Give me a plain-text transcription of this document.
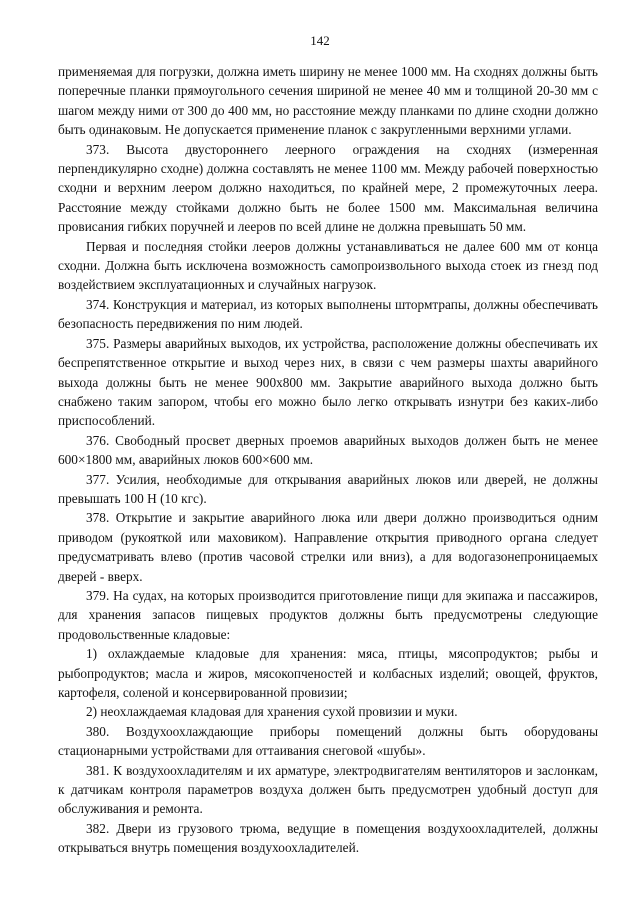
142

применяемая для погрузки, должна иметь ширину не менее 1000 мм. На сходнях должны быть поперечные планки прямоугольного сечения шириной не менее 40 мм и толщиной 20-30 мм с шагом между ними от 300 до 400 мм, но расстояние между планками по длине сходни должно быть одинаковым. Не допускается применение планок с закругленными верхними углами.

373. Высота двустороннего леерного ограждения на сходнях (измеренная перпендикулярно сходне) должна составлять не менее 1100 мм. Между рабочей поверхностью сходни и верхним леером должно находиться, по крайней мере, 2 промежуточных леера. Расстояние между стойками должно быть не более 1500 мм. Максимальная величина провисания гибких поручней и лееров по всей длине не должна превышать 50 мм.

Первая и последняя стойки лееров должны устанавливаться не далее 600 мм от конца сходни. Должна быть исключена возможность самопроизвольного выхода стоек из гнезд под воздействием эксплуатационных и случайных нагрузок.

374. Конструкция и материал, из которых выполнены штормтрапы, должны обеспечивать безопасность передвижения по ним людей.

375. Размеры аварийных выходов, их устройства, расположение должны обеспечивать их беспрепятственное открытие и выход через них, в связи с чем размеры шахты аварийного выхода должны быть не менее 900х800 мм. Закрытие аварийного выхода должно быть снабжено таким запором, чтобы его можно было легко открывать изнутри без каких-либо приспособлений.

376. Свободный просвет дверных проемов аварийных выходов должен быть не менее 600×1800 мм, аварийных люков 600×600 мм.

377. Усилия, необходимые для открывания аварийных люков или дверей, не должны превышать 100 Н (10 кгс).

378. Открытие и закрытие аварийного люка или двери должно производиться одним приводом (рукояткой или маховиком). Направление открытия приводного органа следует предусматривать влево (против часовой стрелки или вниз), а для водогазонепроницаемых дверей - вверх.

379. На судах, на которых производится приготовление пищи для экипажа и пассажиров, для хранения запасов пищевых продуктов должны быть предусмотрены следующие продовольственные кладовые:

1) охлаждаемые кладовые для хранения: мяса, птицы, мясопродуктов; рыбы и рыбопродуктов; масла и жиров, мясокопченостей и колбасных изделий; овощей, фруктов, картофеля, соленой и консервированной провизии;

2) неохлаждаемая кладовая для хранения сухой провизии и муки.

380. Воздухоохлаждающие приборы помещений должны быть оборудованы стационарными устройствами для оттаивания снеговой «шубы».

381. К воздухоохладителям и их арматуре, электродвигателям вентиляторов и заслонкам, к датчикам контроля параметров воздуха должен быть предусмотрен удобный доступ для обслуживания и ремонта.

382. Двери из грузового трюма, ведущие в помещения воздухоохладителей, должны открываться внутрь помещения воздухоохладителей.
